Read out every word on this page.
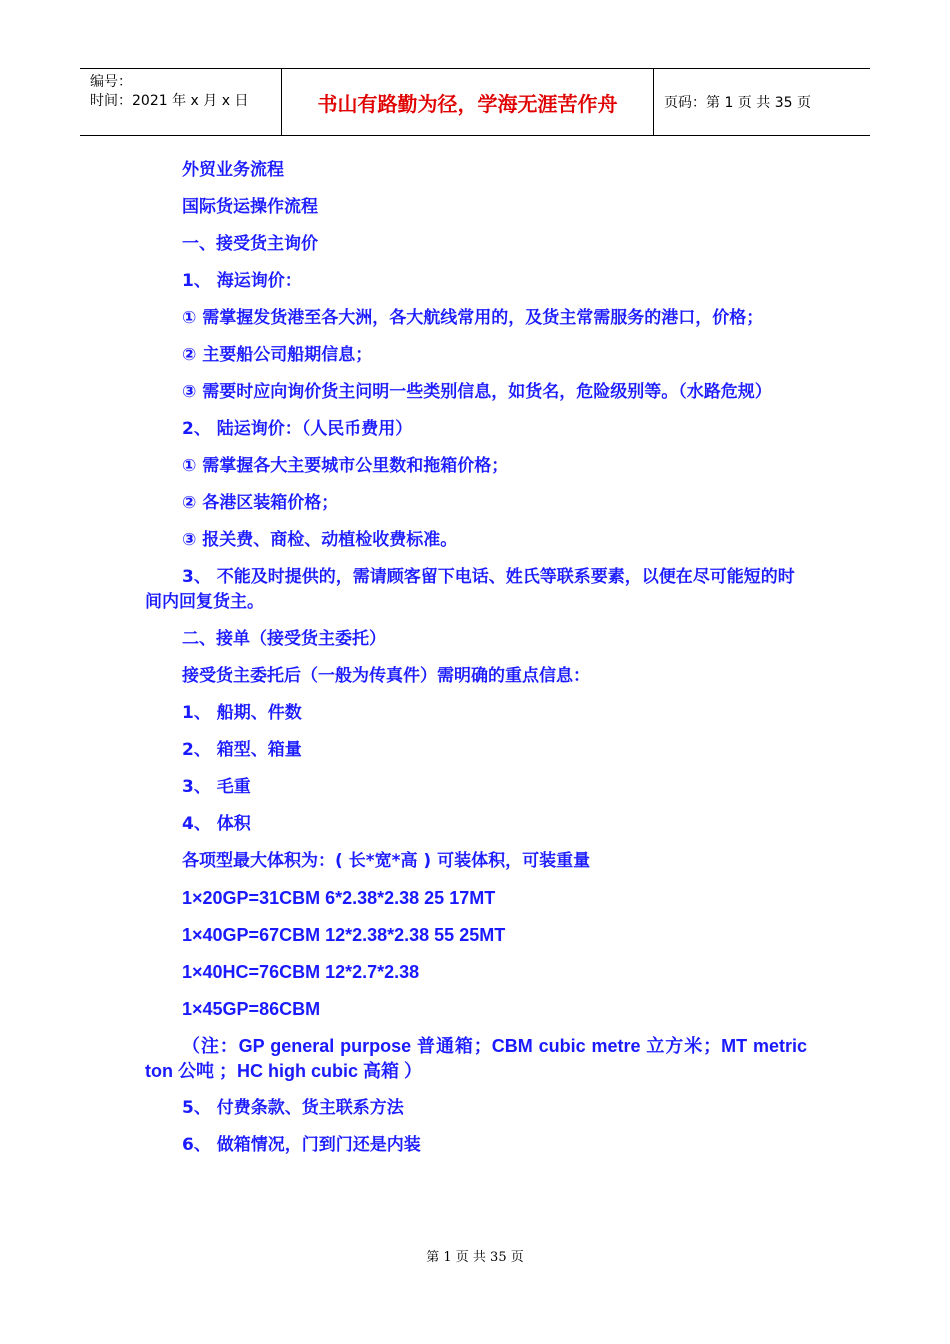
编号：
时间：2021 年 x 月 x 日	书山有路勤为径，学海无涯苦作舟	页码：第 1 页 共 35 页

外贸业务流程

国际货运操作流程

一、接受货主询价

1、 海运询价：

① 需掌握发货港至各大洲，各大航线常用的，及货主常需服务的港口，价格；

② 主要船公司船期信息；

③ 需要时应向询价货主问明一些类别信息，如货名，危险级别等。（水路危规）

2、 陆运询价：（人民币费用）

① 需掌握各大主要城市公里数和拖箱价格；

② 各港区装箱价格；

③ 报关费、商检、动植检收费标准。

3、 不能及时提供的，需请顾客留下电话、姓氏等联系要素，以便在尽可能短的时间内回复货主。

二、接单（接受货主委托）

接受货主委托后（一般为传真件）需明确的重点信息：

1、 船期、件数

2、 箱型、箱量

3、 毛重

4、 体积

各项型最大体积为：( 长*宽*高 ) 可装体积，可装重量

1×20GP=31CBM 6*2.38*2.38 25 17MT

1×40GP=67CBM 12*2.38*2.38 55 25MT

1×40HC=76CBM 12*2.7*2.38

1×45GP=86CBM

（注：GP general purpose 普通箱；CBM cubic metre 立方米；MT metric ton 公吨 ；HC high cubic 高箱 ）

5、 付费条款、货主联系方法

6、 做箱情况，门到门还是内装

第 1 页 共 35 页
